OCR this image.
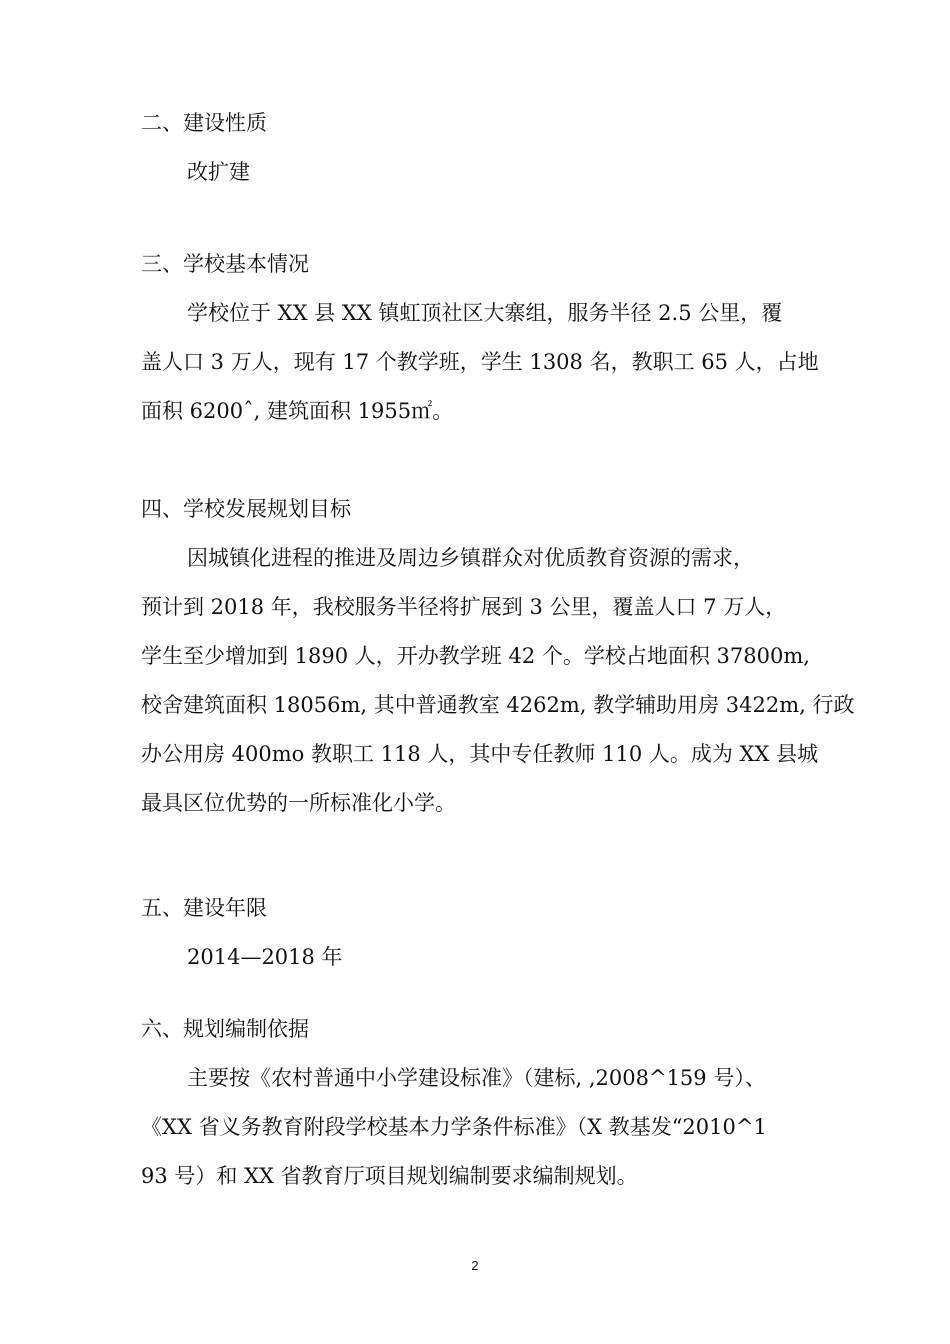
二、建设性质
改扩建
三、学校基本情况
学校位于 XX 县 XX 镇虹顶社区大寨组，服务半径 2.5 公里，覆
盖人口 3 万人，现有 17 个教学班，学生 1308 名，教职工 65 人，占地
面积 6200ˆ, 建筑面积 1955㎡。
四、学校发展规划目标
因城镇化进程的推进及周边乡镇群众对优质教育资源的需求，
预计到 2018 年，我校服务半径将扩展到 3 公里，覆盖人口 7 万人，
学生至少增加到 1890 人，开办教学班 42 个。学校占地面积 37800m,
校舍建筑面积 18056m, 其中普通教室 4262m, 教学辅助用房 3422m, 行政
办公用房 400mo 教职工 118 人，其中专任教师 110 人。成为 XX 县城
最具区位优势的一所标准化小学。
五、建设年限
2014—2018 年
六、规划编制依据
主要按《农村普通中小学建设标准》（建标, ,2008^159 号）、
《XX 省义务教育附段学校基本力学条件标准》（X 教基发“2010^1
93 号）和 XX 省教育厅项目规划编制要求编制规划。
2
